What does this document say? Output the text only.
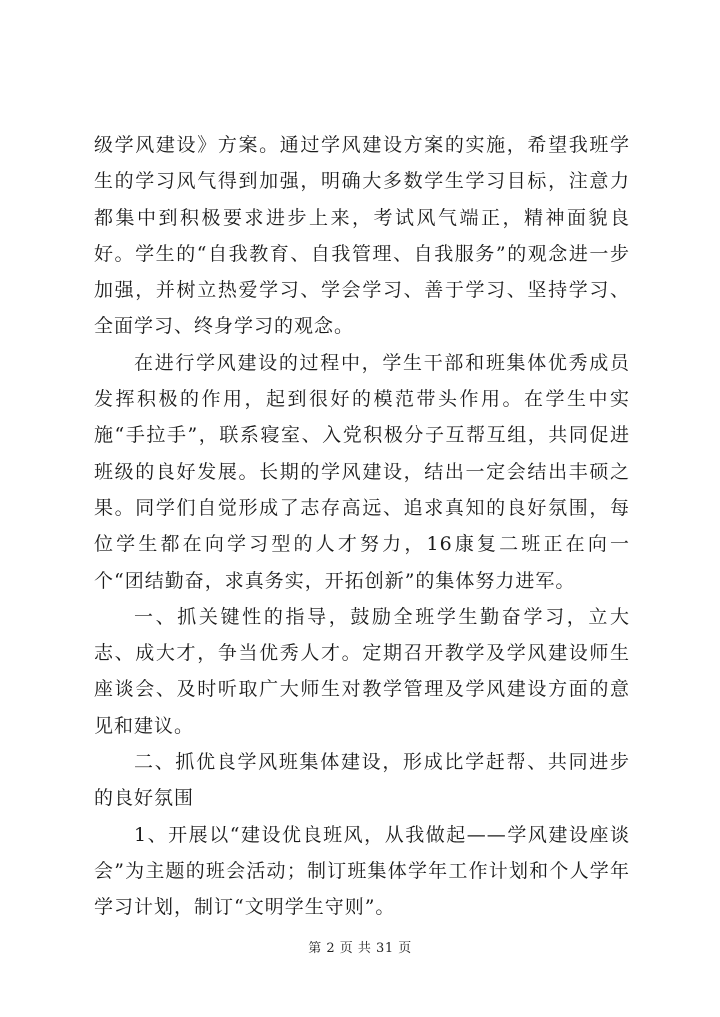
级学风建设》方案。通过学风建设方案的实施，希望我班学生的学习风气得到加强，明确大多数学生学习目标，注意力都集中到积极要求进步上来，考试风气端正，精神面貌良好。学生的“自我教育、自我管理、自我服务”的观念进一步加强，并树立热爱学习、学会学习、善于学习、坚持学习、全面学习、终身学习的观念。

在进行学风建设的过程中，学生干部和班集体优秀成员发挥积极的作用，起到很好的模范带头作用。在学生中实施“手拉手”，联系寝室、入党积极分子互帮互组，共同促进班级的良好发展。长期的学风建设，结出一定会结出丰硕之果。同学们自觉形成了志存高远、追求真知的良好氛围，每位学生都在向学习型的人才努力，16康复二班正在向一个“团结勤奋，求真务实，开拓创新”的集体努力进军。

一、抓关键性的指导，鼓励全班学生勤奋学习，立大志、成大才，争当优秀人才。定期召开教学及学风建设师生座谈会、及时听取广大师生对教学管理及学风建设方面的意见和建议。

二、抓优良学风班集体建设，形成比学赶帮、共同进步的良好氛围

1、开展以“建设优良班风，从我做起——学风建设座谈会”为主题的班会活动；制订班集体学年工作计划和个人学年学习计划，制订“文明学生守则”。

第 2 页 共 31 页
